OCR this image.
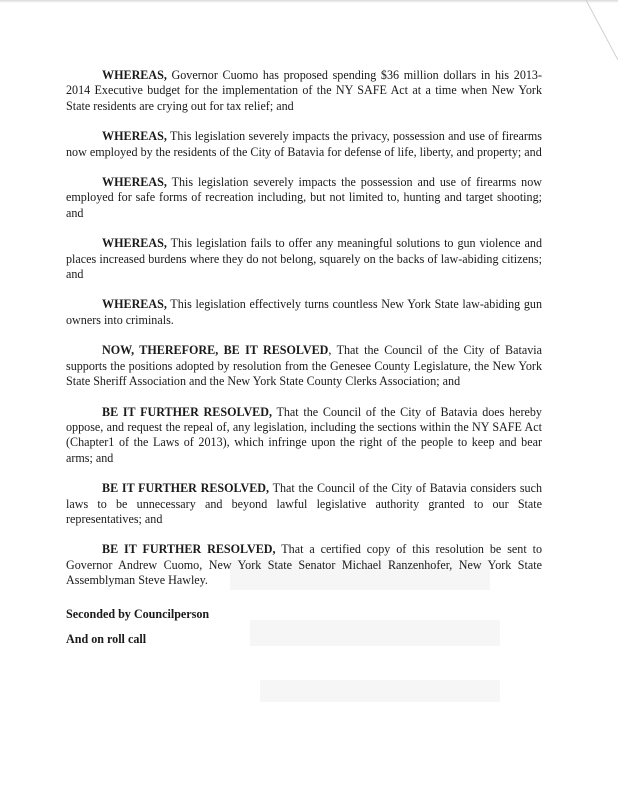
WHEREAS, Governor Cuomo has proposed spending $36 million dollars in his 2013-2014 Executive budget for the implementation of the NY SAFE Act at a time when New York State residents are crying out for tax relief; and

WHEREAS, This legislation severely impacts the privacy, possession and use of firearms now employed by the residents of the City of Batavia for defense of life, liberty, and property; and

WHEREAS, This legislation severely impacts the possession and use of firearms now employed for safe forms of recreation including, but not limited to, hunting and target shooting; and

WHEREAS, This legislation fails to offer any meaningful solutions to gun violence and places increased burdens where they do not belong, squarely on the backs of law-abiding citizens; and

WHEREAS, This legislation effectively turns countless New York State law-abiding gun owners into criminals.

NOW, THEREFORE, BE IT RESOLVED, That the Council of the City of Batavia supports the positions adopted by resolution from the Genesee County Legislature, the New York State Sheriff Association and the New York State County Clerks Association; and

BE IT FURTHER RESOLVED, That the Council of the City of Batavia does hereby oppose, and request the repeal of, any legislation, including the sections within the NY SAFE Act (Chapter1 of the Laws of 2013), which infringe upon the right of the people to keep and bear arms; and

BE IT FURTHER RESOLVED, That the Council of the City of Batavia considers such laws to be unnecessary and beyond lawful legislative authority granted to our State representatives; and

BE IT FURTHER RESOLVED, That a certified copy of this resolution be sent to Governor Andrew Cuomo, New York State Senator Michael Ranzenhofer, New York State Assemblyman Steve Hawley.

Seconded by Councilperson

And on roll call
